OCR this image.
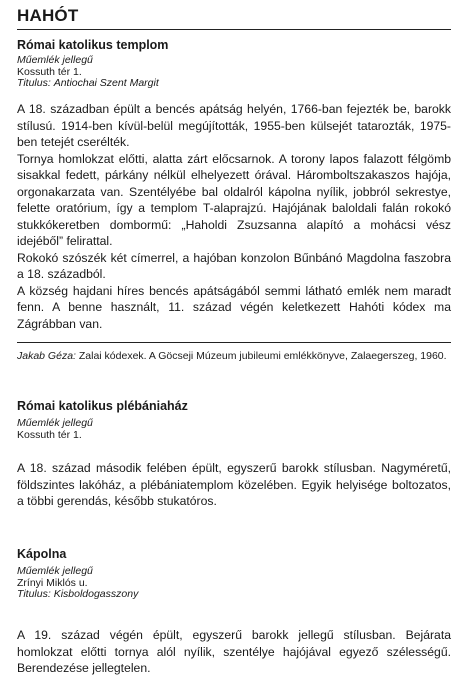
HAHÓT
Római katolikus templom
Műemlék jellegű
Kossuth tér 1.
Titulus: Antiochai Szent Margit

A 18. században épült a bencés apátság helyén, 1766-ban fejezték be, barokk stílusú. 1914-ben kívül-belül megújították, 1955-ben külsejét tatarozták, 1975-ben tetejét cserélték.

Tornya homlokzat előtti, alatta zárt előcsarnok. A torony lapos falazott félgömb sisakkal fedett, párkány nélkül elhelyezett órával. Háromboltszakaszos hajója, orgonakarzata van. Szentélyébe bal oldalról kápolna nyílik, jobbról sekrestye, felette oratórium, így a templom T-alaprajzú. Hajójának baloldali falán rokokó stukkókeretben dombormű: „Haholdi Zsuzsanna alapító a mohácsi vész idejéből” felirattal.

Rokokó szószék két címerrel, a hajóban konzolon Bűnbánó Magdolna faszobra a 18. századból.

A község hajdani híres bencés apátságából semmi látható emlék nem maradt fenn. A benne használt, 11. század végén keletkezett Hahóti kódex ma Zágrábban van.

Jakab Géza: Zalai kódexek. A Göcseji Múzeum jubileumi emlékkönyve, Zalaegerszeg, 1960.
Római katolikus plébániaház
Műemlék jellegű
Kossuth tér 1.

A 18. század második felében épült, egyszerű barokk stílusban. Nagyméretű, földszintes lakóház, a plébániatemplom közelében. Egyik helyisége boltozatos, a többi gerendás, később stukatóros.

Kápolna
Műemlék jellegű
Zrínyi Miklós u.
Titulus: Kisboldogasszony

A 19. század végén épült, egyszerű barokk jellegű stílusban. Bejárata homlokzat előtti tornya alól nyílik, szentélye hajójával egyező szélességű. Berendezése jellegtelen.
